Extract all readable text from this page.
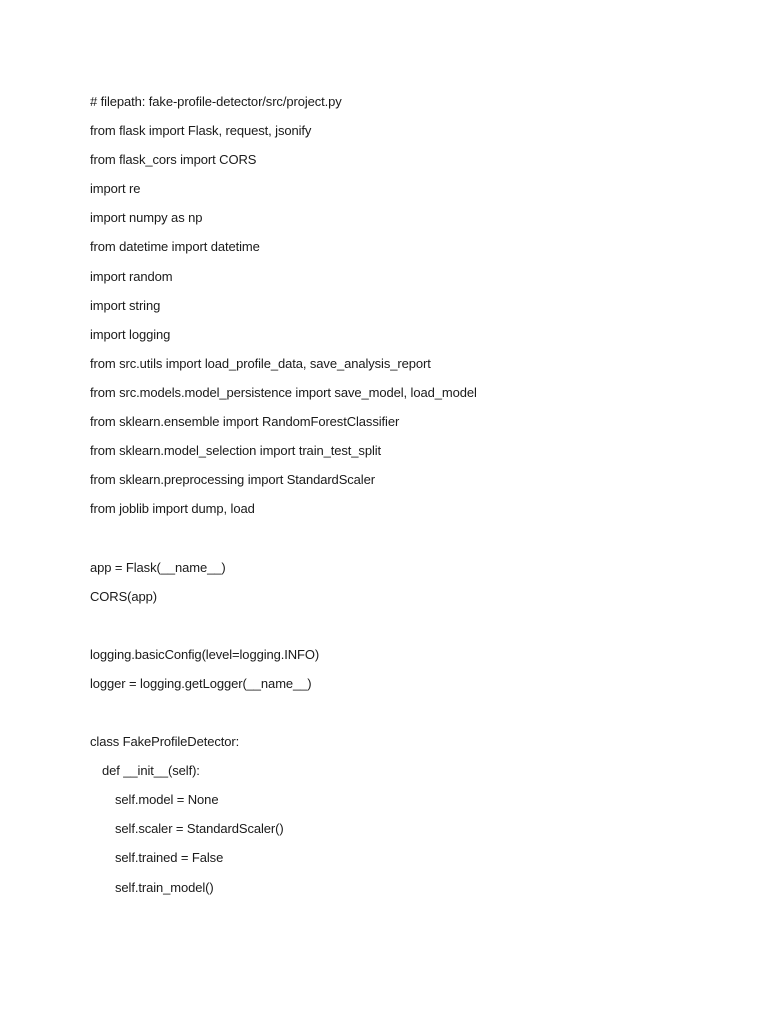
# filepath: fake-profile-detector/src/project.py
from flask import Flask, request, jsonify
from flask_cors import CORS
import re
import numpy as np
from datetime import datetime
import random
import string
import logging
from src.utils import load_profile_data, save_analysis_report
from src.models.model_persistence import save_model, load_model
from sklearn.ensemble import RandomForestClassifier
from sklearn.model_selection import train_test_split
from sklearn.preprocessing import StandardScaler
from joblib import dump, load
app = Flask(__name__)
CORS(app)
logging.basicConfig(level=logging.INFO)
logger = logging.getLogger(__name__)
class FakeProfileDetector:
def __init__(self):
self.model = None
self.scaler = StandardScaler()
self.trained = False
self.train_model()
